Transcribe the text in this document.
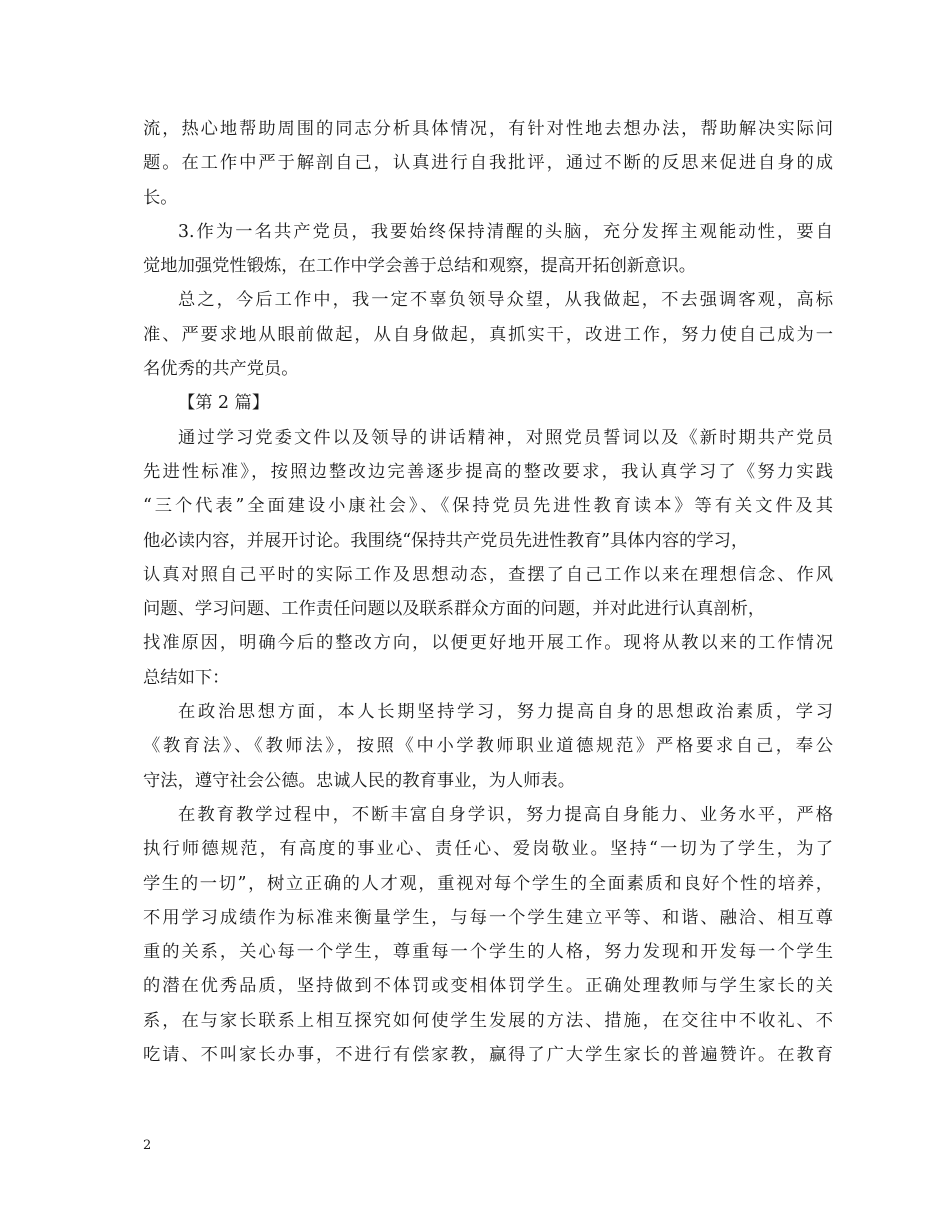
流，热心地帮助周围的同志分析具体情况，有针对性地去想办法，帮助解决实际问
题。在工作中严于解剖自己，认真进行自我批评，通过不断的反思来促进自身的成
长。
3.作为一名共产党员，我要始终保持清醒的头脑，充分发挥主观能动性，要自
觉地加强党性锻炼，在工作中学会善于总结和观察，提高开拓创新意识。
总之，今后工作中，我一定不辜负领导众望，从我做起，不去强调客观，高标
准、严要求地从眼前做起，从自身做起，真抓实干，改进工作，努力使自己成为一
名优秀的共产党员。
【第 2 篇】
通过学习党委文件以及领导的讲话精神，对照党员誓词以及《新时期共产党员
先进性标准》，按照边整改边完善逐步提高的整改要求，我认真学习了《努力实践
“三个代表”全面建设小康社会》、《保持党员先进性教育读本》等有关文件及其
他必读内容，并展开讨论。我围绕“保持共产党员先进性教育”具体内容的学习，
认真对照自己平时的实际工作及思想动态，查摆了自己工作以来在理想信念、作风
问题、学习问题、工作责任问题以及联系群众方面的问题，并对此进行认真剖析，
找准原因，明确今后的整改方向，以便更好地开展工作。现将从教以来的工作情况
总结如下：
在政治思想方面，本人长期坚持学习，努力提高自身的思想政治素质，学习
《教育法》、《教师法》，按照《中小学教师职业道德规范》严格要求自己，奉公
守法，遵守社会公德。忠诚人民的教育事业，为人师表。
在教育教学过程中，不断丰富自身学识，努力提高自身能力、业务水平，严格
执行师德规范，有高度的事业心、责任心、爱岗敬业。坚持“一切为了学生，为了
学生的一切”，树立正确的人才观，重视对每个学生的全面素质和良好个性的培养，
不用学习成绩作为标准来衡量学生，与每一个学生建立平等、和谐、融洽、相互尊
重的关系，关心每一个学生，尊重每一个学生的人格，努力发现和开发每一个学生
的潜在优秀品质，坚持做到不体罚或变相体罚学生。正确处理教师与学生家长的关
系，在与家长联系上相互探究如何使学生发展的方法、措施，在交往中不收礼、不
吃请、不叫家长办事，不进行有偿家教，赢得了广大学生家长的普遍赞许。在教育
2
